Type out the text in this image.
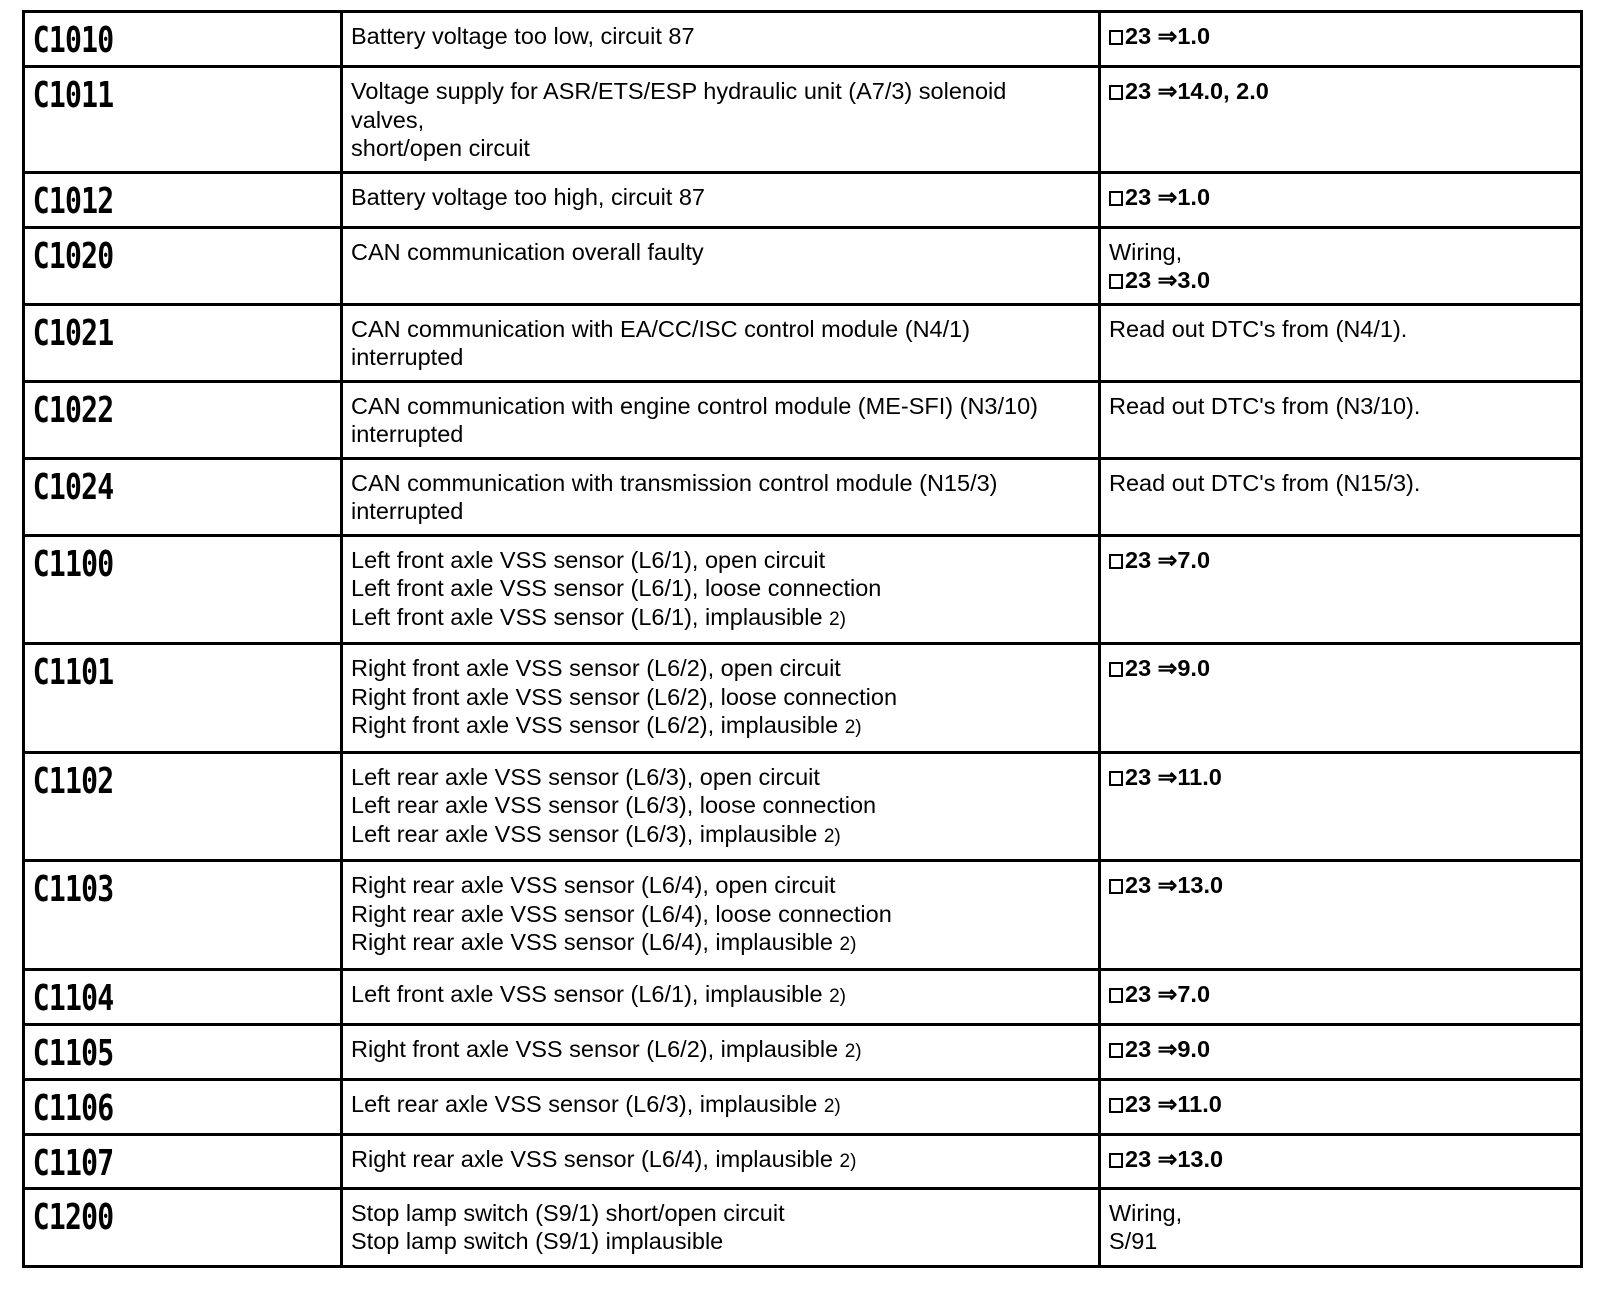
C1010	Battery voltage too low, circuit 87	23 ⇒1.0

C1011	Voltage supply for ASR/ETS/ESP hydraulic unit (A7/3) solenoid
valves,
short/open circuit	23 ⇒14.0, 2.0

C1012	Battery voltage too high, circuit 87	23 ⇒1.0

C1020	CAN communication overall faulty	Wiring,
23 ⇒3.0

C1021	CAN communication with EA/CC/ISC control module (N4/1)
interrupted	Read out DTC's from (N4/1).

C1022	CAN communication with engine control module (ME-SFI) (N3/10)
interrupted	Read out DTC's from (N3/10).

C1024	CAN communication with transmission control module (N15/3)
interrupted	Read out DTC's from (N15/3).

C1100	Left front axle VSS sensor (L6/1), open circuit
Left front axle VSS sensor (L6/1), loose connection
Left front axle VSS sensor (L6/1), implausible 2)	23 ⇒7.0

C1101	Right front axle VSS sensor (L6/2), open circuit
Right front axle VSS sensor (L6/2), loose connection
Right front axle VSS sensor (L6/2), implausible 2)	23 ⇒9.0

C1102	Left rear axle VSS sensor (L6/3), open circuit
Left rear axle VSS sensor (L6/3), loose connection
Left rear axle VSS sensor (L6/3), implausible 2)	23 ⇒11.0

C1103	Right rear axle VSS sensor (L6/4), open circuit
Right rear axle VSS sensor (L6/4), loose connection
Right rear axle VSS sensor (L6/4), implausible 2)	23 ⇒13.0

C1104	Left front axle VSS sensor (L6/1), implausible 2)	23 ⇒7.0

C1105	Right front axle VSS sensor (L6/2), implausible 2)	23 ⇒9.0

C1106	Left rear axle VSS sensor (L6/3), implausible 2)	23 ⇒11.0

C1107	Right rear axle VSS sensor (L6/4), implausible 2)	23 ⇒13.0

C1200	Stop lamp switch (S9/1) short/open circuit
Stop lamp switch (S9/1) implausible	Wiring,
S/91
